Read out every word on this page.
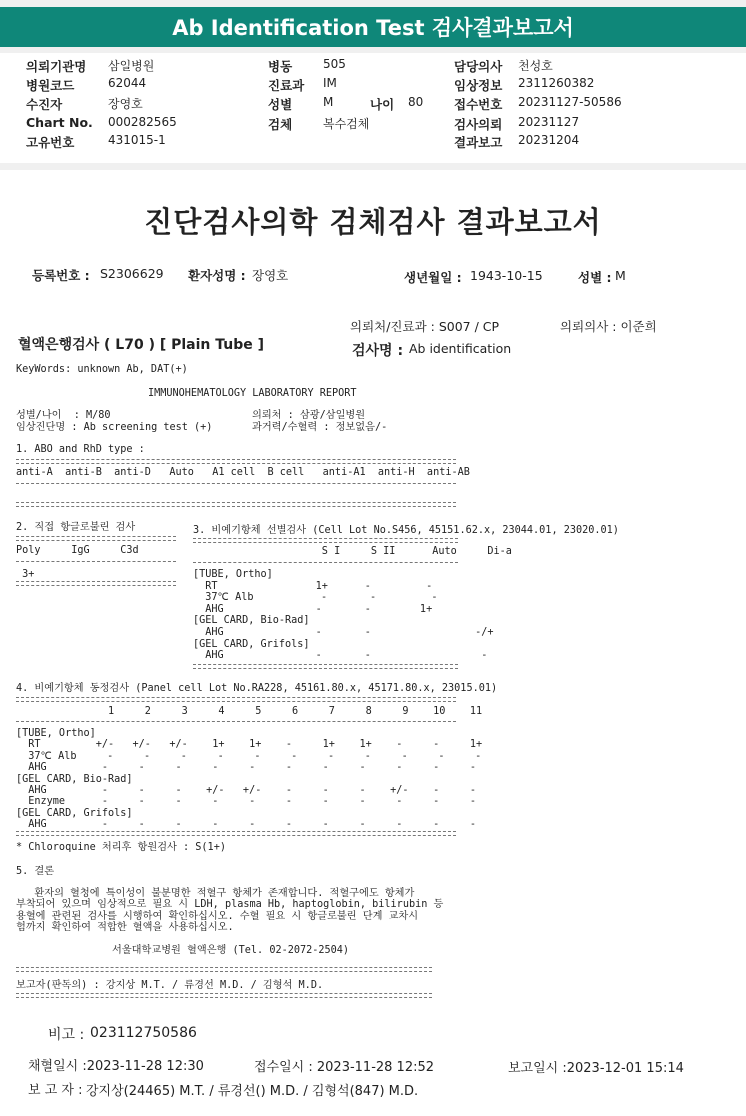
Ab Identification Test 검사결과보고서
의뢰기관명 삼일병원
병원코드	62044
수진자	장영호
Chart No. 000282565
고유번호	431015-1
병동	505
진료과 IM
성별	M	나이 80
검체	복수검체
담당의사 천성호
임상정보 2311260382
접수번호 20231127-50586
검사의뢰 20231127
결과보고 20231204
진단검사의학 검체검사 결과보고서
등록번호 : S2306629 환자성명 : 장영호	생년월일 : 1943-10-15	성별 : M
의뢰처/진료과 : S007 / CP	의뢰의사 : 이준희
혈액은행검사 ( L70 ) [ Plain Tube ]	검사명 : Ab identification
KeyWords: unknown Ab, DAT(+)
IMMUNOHEMATOLOGY LABORATORY REPORT
성별/나이  : M/80
임상진단명 : Ab screening test (+)
의뢰처 : 삼광/삼일병원
과거력/수혈력 : 정보없음/-
1. ABO and RhD type :
anti-A  anti-B  anti-D   Auto   A1 cell  B cell   anti-A1  anti-H  anti-AB
2. 직접 항글로불린 검사
Poly     IgG     C3d
3+
3. 비예기항체 선별검사 (Cell Lot No.S456, 45151.62.x, 23044.01, 23020.01)
S I     S II      Auto     Di-a
[TUBE, Ortho]
RT                1+      -         -
37℃ Alb           -       -         -
AHG               -       -        1+
[GEL CARD, Bio-Rad]
AHG               -       -                 -/+
[GEL CARD, Grifols]
AHG               -       -                  -
4. 비예기항체 동정검사 (Panel cell Lot No.RA228, 45161.80.x, 45171.80.x, 23015.01)
1     2     3     4     5     6     7     8     9    10    11
[TUBE, Ortho]
RT         +/-   +/-   +/-    1+    1+    -     1+    1+    -     -     1+
37℃ Alb     -     -     -     -     -     -     -     -     -     -     -
AHG         -     -     -     -     -     -     -     -     -     -     -
[GEL CARD, Bio-Rad]
AHG         -     -     -    +/-   +/-    -     -     -    +/-    -     -
Enzyme      -     -     -     -     -     -     -     -     -     -     -
[GEL CARD, Grifols]
AHG         -     -     -     -     -     -     -     -     -     -     -
* Chloroquine 처리후 항원검사 : S(1+)
5. 결론
환자의 혈청에 특이성이 불분명한 적혈구 항체가 존재합니다. 적혈구에도 항체가
부착되어 있으며 임상적으로 필요 시 LDH, plasma Hb, haptoglobin, bilirubin 등
용혈에 관련된 검사를 시행하여 확인하십시오. 수혈 필요 시 항글로불린 단계 교차시
험까지 확인하여 적합한 혈액을 사용하십시오.
서울대학교병원 혈액은행 (Tel. 02-2072-2504)
보고자(판독의) : 강지상 M.T. / 류경선 M.D. / 김형석 M.D.
비고 : 023112750586
채혈일시 :2023-11-28 12:30	접수일시 : 2023-11-28 12:52	보고일시 :2023-12-01 15:14
보 고 자 : 강지상(24465) M.T. / 류경선() M.D. / 김형석(847) M.D.
